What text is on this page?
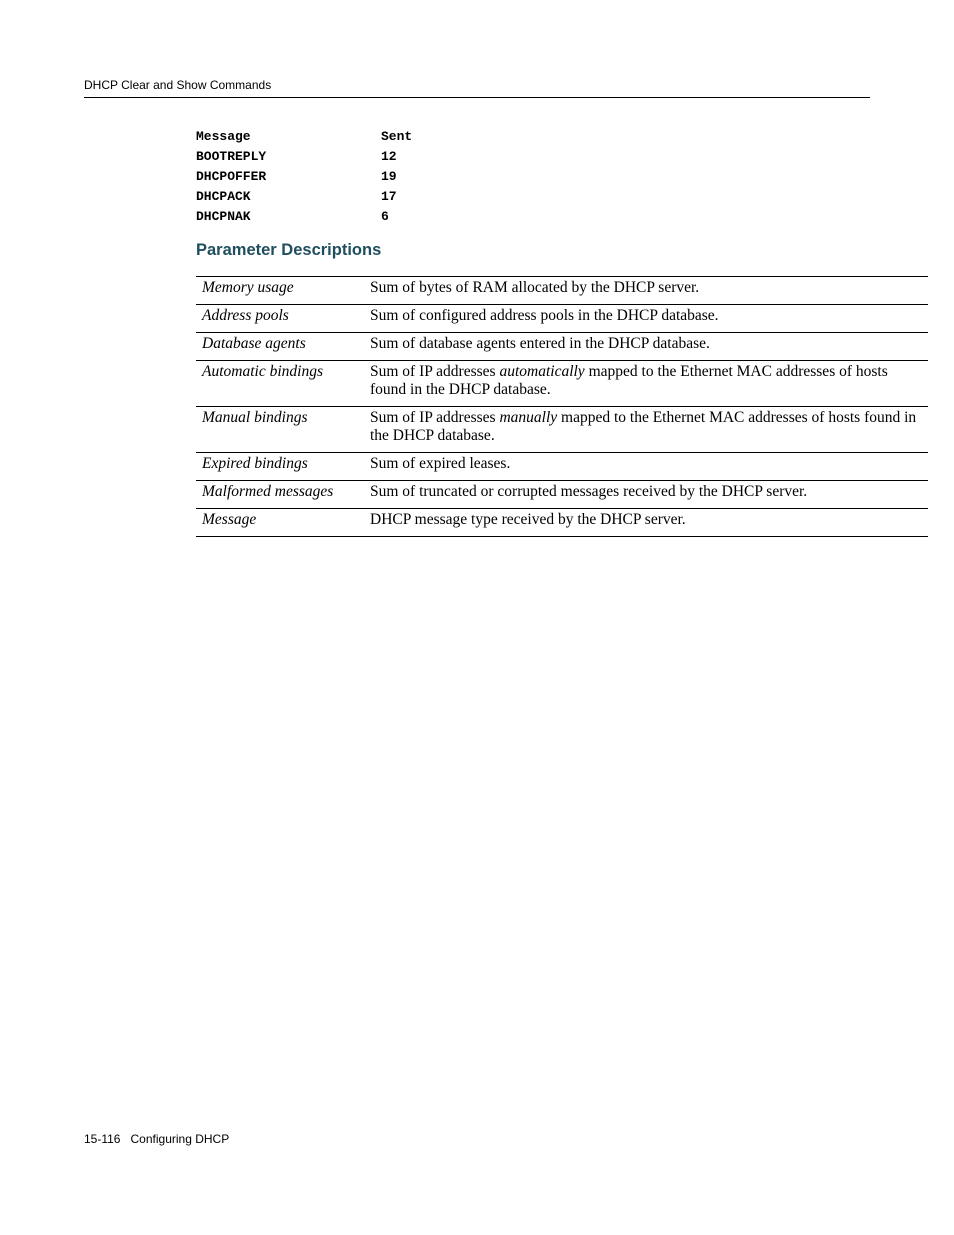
DHCP Clear and Show Commands
Message	Sent
BOOTREPLY	12
DHCPOFFER	19
DHCPACK	17
DHCPNAK	6
Parameter Descriptions
Memory usage	Sum of bytes of RAM allocated by the DHCP server.
Address pools	Sum of configured address pools in the DHCP database.
Database agents	Sum of database agents entered in the DHCP database.
Automatic bindings	Sum of IP addresses automatically mapped to the Ethernet MAC addresses of hosts found in the DHCP database.
Manual bindings	Sum of IP addresses manually mapped to the Ethernet MAC addresses of hosts found in the DHCP database.
Expired bindings	Sum of expired leases.
Malformed messages	Sum of truncated or corrupted messages received by the DHCP server.
Message	DHCP message type received by the DHCP server.
15-116 Configuring DHCP
